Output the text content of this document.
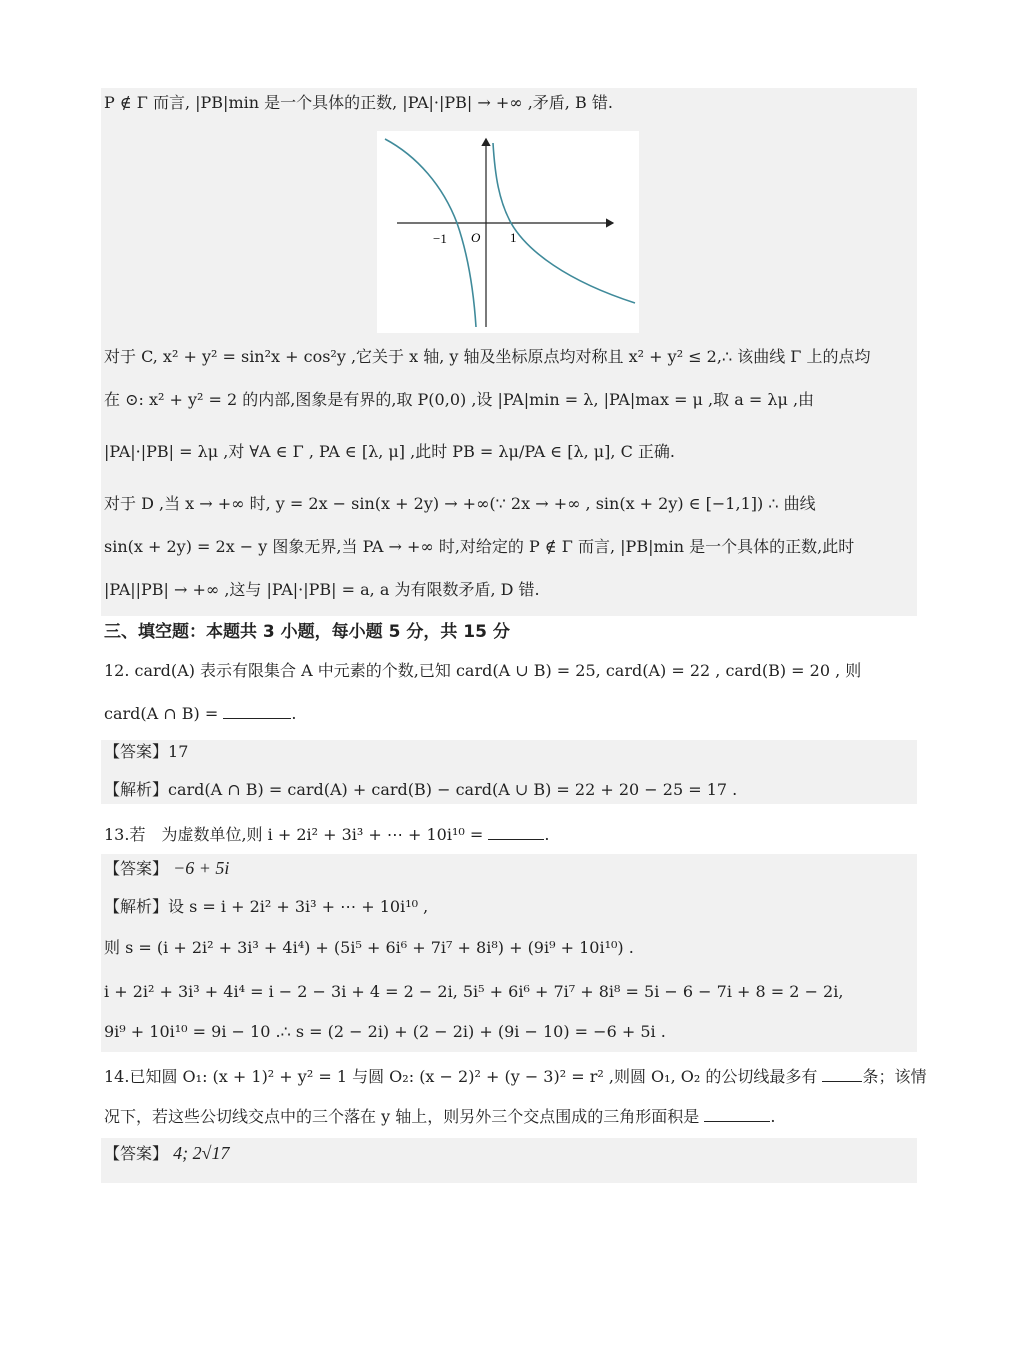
P ∉ Γ 而言, |PB|min 是一个具体的正数, |PA|·|PB| → +∞ ,矛盾, B 错.
−1 O 1
对于 C, x² + y² = sin²x + cos²y ,它关于 x 轴, y 轴及坐标原点均对称且 x² + y² ≤ 2,∴ 该曲线 Γ 上的点均
在 ⊙: x² + y² = 2 的内部,图象是有界的,取 P(0,0) ,设 |PA|min = λ, |PA|max = μ ,取 a = λμ ,由
|PA|·|PB| = λμ ,对 ∀A ∈ Γ , PA ∈ [λ, μ] ,此时 PB = λμ/PA ∈ [λ, μ], C 正确.
对于 D ,当 x → +∞ 时, y = 2x − sin(x + 2y) → +∞(∵ 2x → +∞ , sin(x + 2y) ∈ [−1,1]) ∴ 曲线
sin(x + 2y) = 2x − y 图象无界,当 PA → +∞ 时,对给定的 P ∉ Γ 而言, |PB|min 是一个具体的正数,此时
|PA||PB| → +∞ ,这与 |PA|·|PB| = a, a 为有限数矛盾, D 错.
三、填空题：本题共 3 小题，每小题 5 分，共 15 分
12. card(A) 表示有限集合 A 中元素的个数,已知 card(A ∪ B) = 25, card(A) = 22 , card(B) = 20 , 则
card(A ∩ B) =	.
【答案】17
【解析】card(A ∩ B) = card(A) + card(B) − card(A ∪ B) = 22 + 20 − 25 = 17 .
13.若　为虚数单位,则 i + 2i² + 3i³ + ⋯ + 10i¹⁰ =	.
【答案】 −6 + 5i
【解析】设 s = i + 2i² + 3i³ + ⋯ + 10i¹⁰ ,
则 s = (i + 2i² + 3i³ + 4i⁴) + (5i⁵ + 6i⁶ + 7i⁷ + 8i⁸) + (9i⁹ + 10i¹⁰) .
i + 2i² + 3i³ + 4i⁴ = i − 2 − 3i + 4 = 2 − 2i, 5i⁵ + 6i⁶ + 7i⁷ + 8i⁸ = 5i − 6 − 7i + 8 = 2 − 2i,
9i⁹ + 10i¹⁰ = 9i − 10 .∴ s = (2 − 2i) + (2 − 2i) + (9i − 10) = −6 + 5i .
14.已知圆 O₁: (x + 1)² + y² = 1 与圆 O₂: (x − 2)² + (y − 3)² = r² ,则圆 O₁, O₂ 的公切线最多有	条；该情
况下，若这些公切线交点中的三个落在 y 轴上，则另外三个交点围成的三角形面积是	.
【答案】 4; 2√17
